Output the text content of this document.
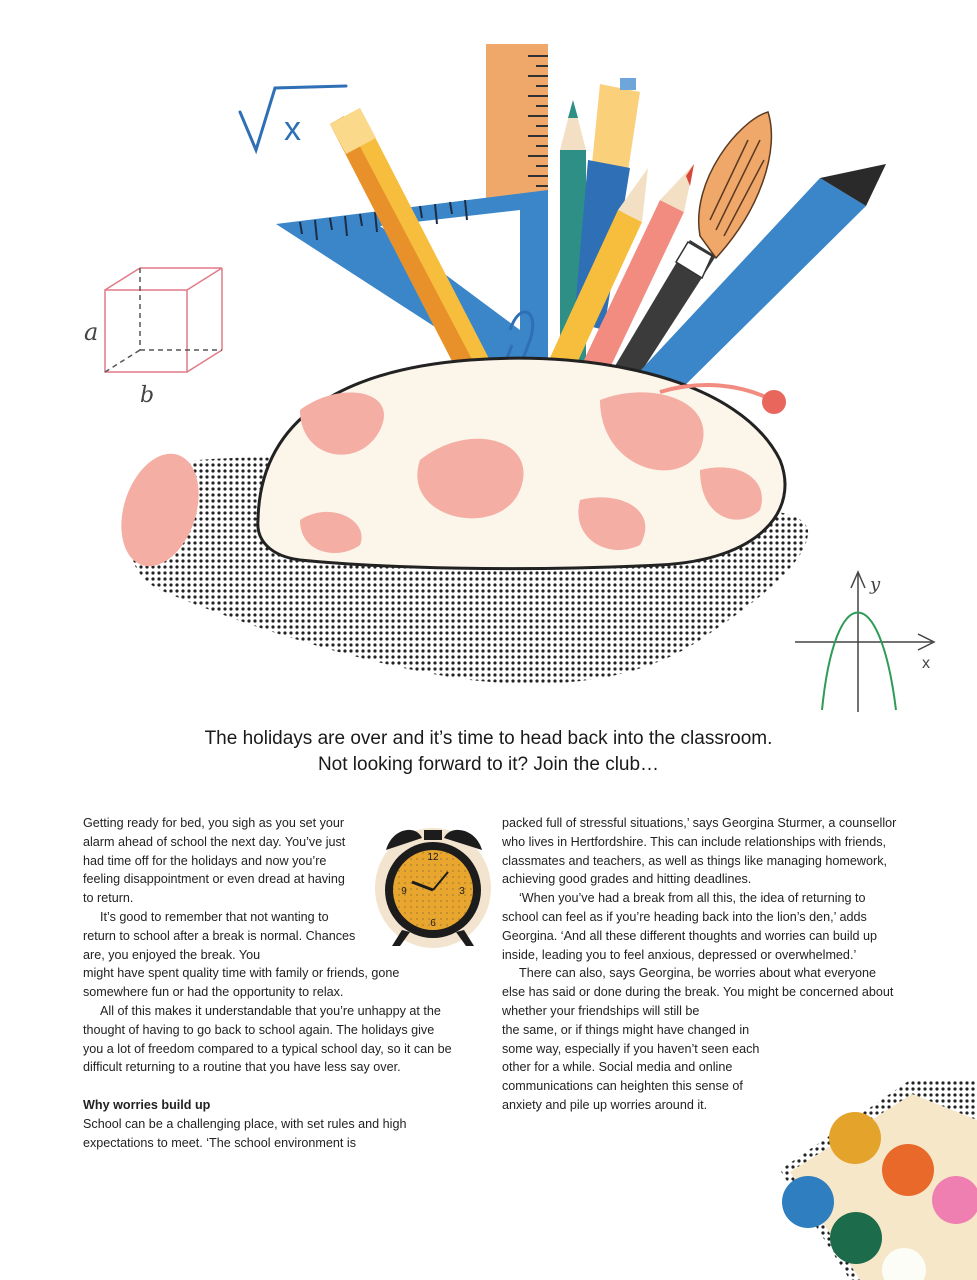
x
a
b
y
x

The holidays are over and it’s time to head back into the classroom.

Not looking forward to it? Join the club…

12
3
6
9

Getting ready for bed, you sigh as you set your alarm ahead of school the next day. You’ve just had time off for the holidays and now you’re feeling disappointment or even dread at having to return.

It’s good to remember that not wanting to return to school after a break is normal. Chances are, you enjoyed the break. You

might have spent quality time with family or friends, gone somewhere fun or had the opportunity to relax.

All of this makes it understandable that you’re unhappy at the thought of having to go back to school again. The holidays give you a lot of freedom compared to a typical school day, so it can be difficult returning to a routine that you have less say over.

Why worries build up

School can be a challenging place, with set rules and high expectations to meet. ‘The school environment is

packed full of stressful situations,’ says Georgina Sturmer, a counsellor who lives in Hertfordshire. This can include relationships with friends, classmates and teachers, as well as things like managing homework, achieving good grades and hitting deadlines.

‘When you’ve had a break from all this, the idea of returning to school can feel as if you’re heading back into the lion’s den,’ adds Georgina. ‘And all these different thoughts and worries can build up inside, leading you to feel anxious, depressed or overwhelmed.’

There can also, says Georgina, be worries about what everyone else has said or done during the break. You might be concerned about whether your friendships will still be

the same, or if things might have changed in some way, especially if you haven’t seen each other for a while. Social media and online communications can heighten this sense of anxiety and pile up worries around it.
